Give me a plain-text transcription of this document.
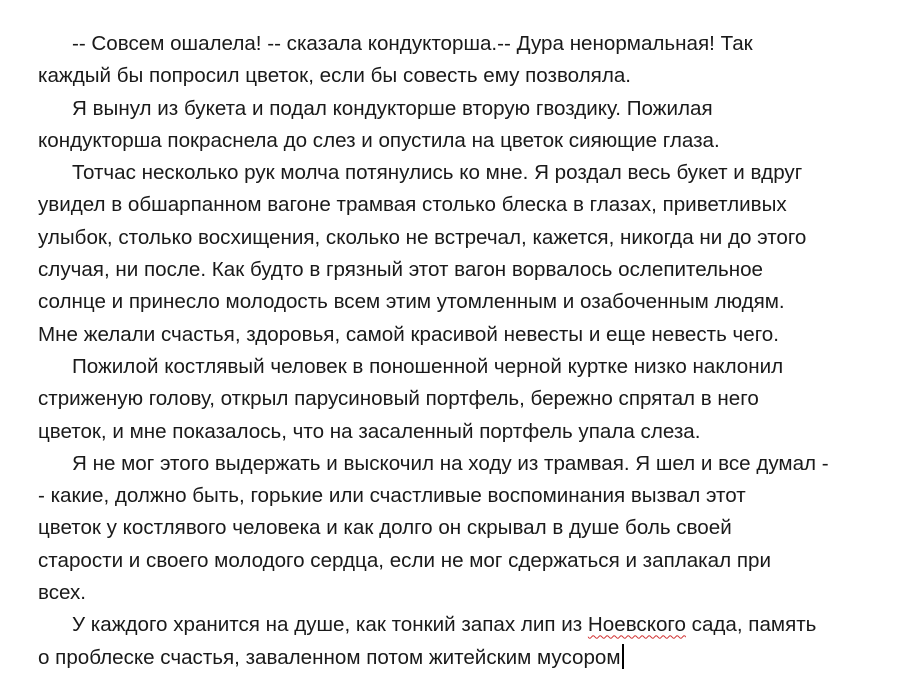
-- Совсем ошалела! -- сказала кондукторша.-- Дура ненормальная! Так
каждый бы попросил цветок, если бы совесть ему позволяла.
Я вынул из букета и подал кондукторше вторую гвоздику. Пожилая
кондукторша покраснела до слез и опустила на цветок сияющие глаза.
Тотчас несколько рук молча потянулись ко мне. Я роздал весь букет и вдруг
увидел в обшарпанном вагоне трамвая столько блеска в глазах, приветливых
улыбок, столько восхищения, сколько не встречал, кажется, никогда ни до этого
случая, ни после. Как будто в грязный этот вагон ворвалось ослепительное
солнце и принесло молодость всем этим утомленным и озабоченным людям.
Мне желали счастья, здоровья, самой красивой невесты и еще невесть чего.
Пожилой костлявый человек в поношенной черной куртке низко наклонил
стриженую голову, открыл парусиновый портфель, бережно спрятал в него
цветок, и мне показалось, что на засаленный портфель упала слеза.
Я не мог этого выдержать и выскочил на ходу из трамвая. Я шел и все думал -
- какие, должно быть, горькие или счастливые воспоминания вызвал этот
цветок у костлявого человека и как долго он скрывал в душе боль своей
старости и своего молодого сердца, если не мог сдержаться и заплакал при
всех.
У каждого хранится на душе, как тонкий запах лип из Ноевского сада, память
о проблеске счастья, заваленном потом житейским мусором
